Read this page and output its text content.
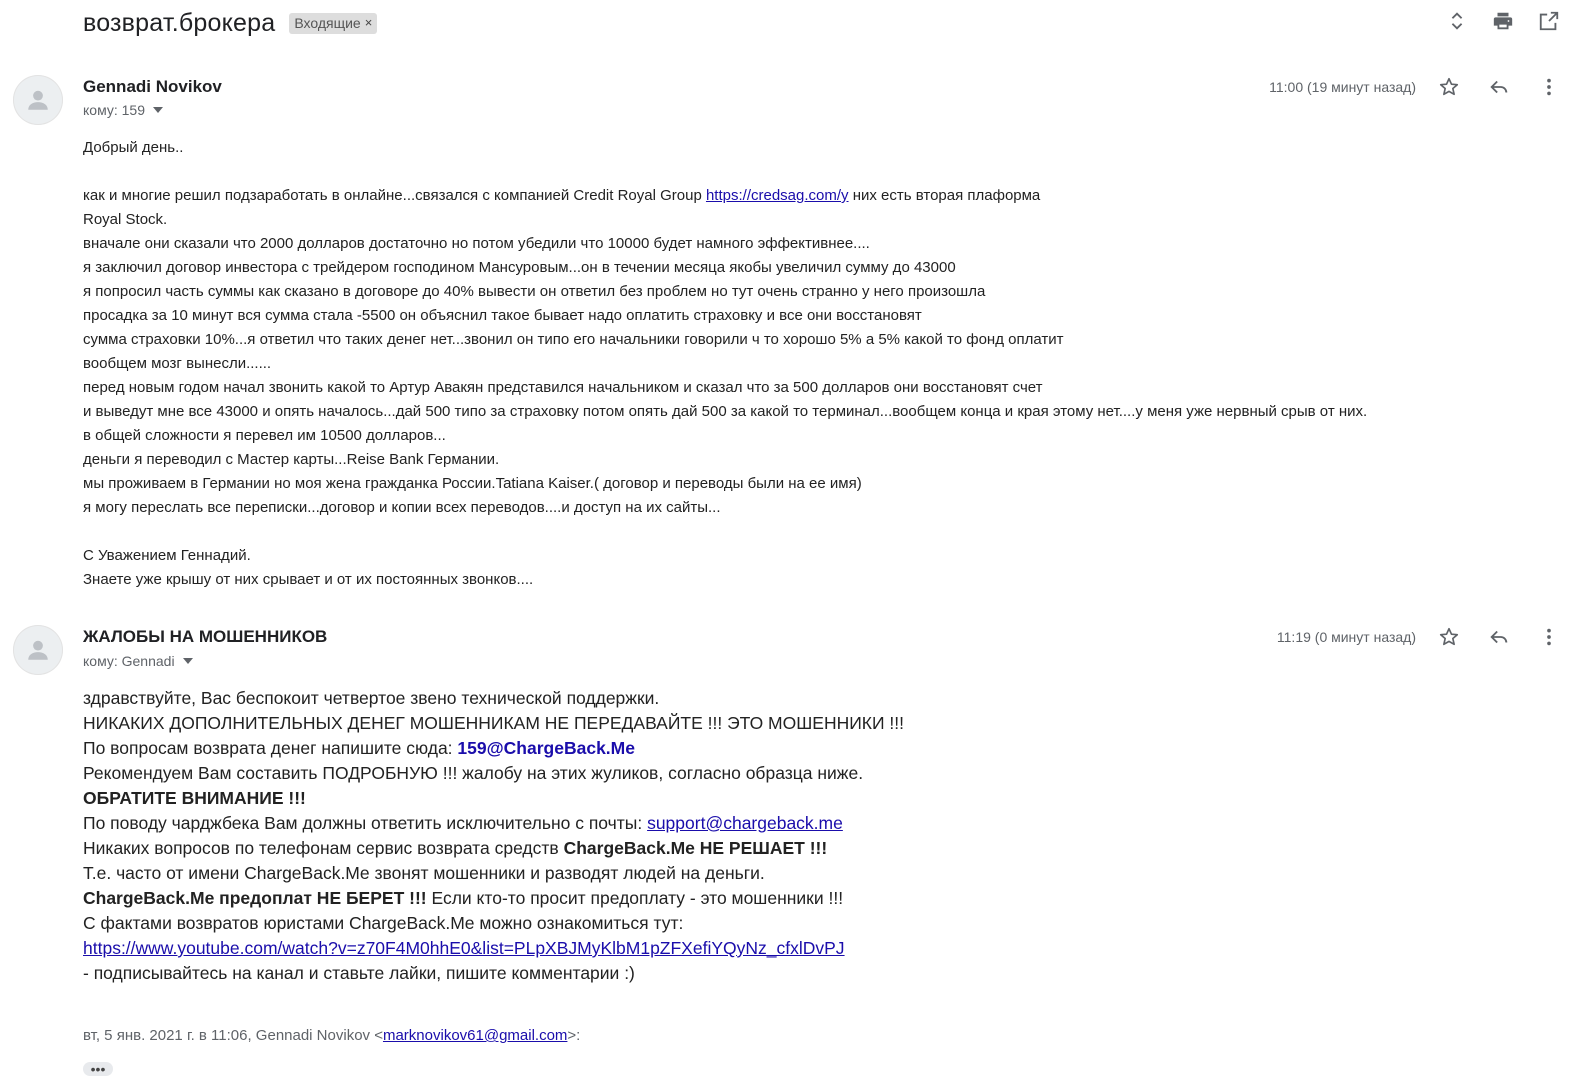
возврат.брокера Входящие ×
Gennadi Novikov
кому: 159
11:00 (19 минут назад)
Добрый день..
как и многие решил подзаработать в онлайне...связался с компанией Credit Royal Group https://credsag.com/у них есть вторая плаформа
Royal Stock.
вначале они сказали что 2000 долларов достаточно но потом убедили что 10000 будет намного эффективнее....
я заключил договор инвестора с трейдером господином Мансуровым...он в течении месяца якобы увеличил сумму до 43000
я попросил часть суммы как сказано в договоре до 40% вывести он ответил без проблем но тут очень странно у него произошла
просадка за 10 минут вся сумма стала -5500 он объяснил такое бывает надо оплатить страховку и все они восстановят
сумма страховки 10%...я ответил что таких денег нет...звонил он типо его начальники говорили ч то хорошо 5% а 5% какой то фонд оплатит
вообщем мозг вынесли......
перед новым годом начал звонить какой то Артур Авакян представился начальником и сказал что за 500 долларов они восстановят счет
и выведут мне все 43000 и опять началось...дай 500 типо за страховку потом опять дай 500 за какой то терминал...вообщем конца и края этому нет....у меня уже нервный срыв от них.
в общей сложности я перевел им 10500 долларов...
деньги я переводил с Мастер карты...Reise Bank Германии.
мы проживаем в Германии но моя жена гражданка России.Tatiana Kaiser.( договор и переводы были на ее имя)
я могу переслать все переписки...договор и копии всех переводов....и доступ на их сайты...
С Уважением Геннадий.
Знаете уже крышу от них срывает и от их постоянных звонков....
ЖАЛОБЫ НА МОШЕННИКОВ
кому: Gennadi
11:19 (0 минут назад)
здравствуйте, Вас беспокоит четвертое звено технической поддержки.
НИКАКИХ ДОПОЛНИТЕЛЬНЫХ ДЕНЕГ МОШЕННИКАМ НЕ ПЕРЕДАВАЙТЕ !!! ЭТО МОШЕННИКИ !!!
По вопросам возврата денег напишите сюда: 159@ChargeBack.Me
Рекомендуем Вам составить ПОДРОБНУЮ !!! жалобу на этих жуликов, согласно образца ниже.
ОБРАТИТЕ ВНИМАНИЕ !!!
По поводу чарджбека Вам должны ответить исключительно с почты: support@chargeback.me
Никаких вопросов по телефонам сервис возврата средств ChargeBack.Me НЕ РЕШАЕТ !!!
Т.е. часто от имени ChargeBack.Me звонят мошенники и разводят людей на деньги.
ChargeBack.Me предоплат НЕ БЕРЕТ !!! Если кто-то просит предоплату - это мошенники !!!
С фактами возвратов юристами ChargeBack.Me можно ознакомиться тут:
https://www.youtube.com/watch?v=z70F4M0hhE0&list=PLpXBJMyKlbM1pZFXefiYQyNz_cfxlDvPJ
- подписывайтесь на канал и ставьте лайки, пишите комментарии :)
вт, 5 янв. 2021 г. в 11:06, Gennadi Novikov <marknovikov61@gmail.com>:
•••
